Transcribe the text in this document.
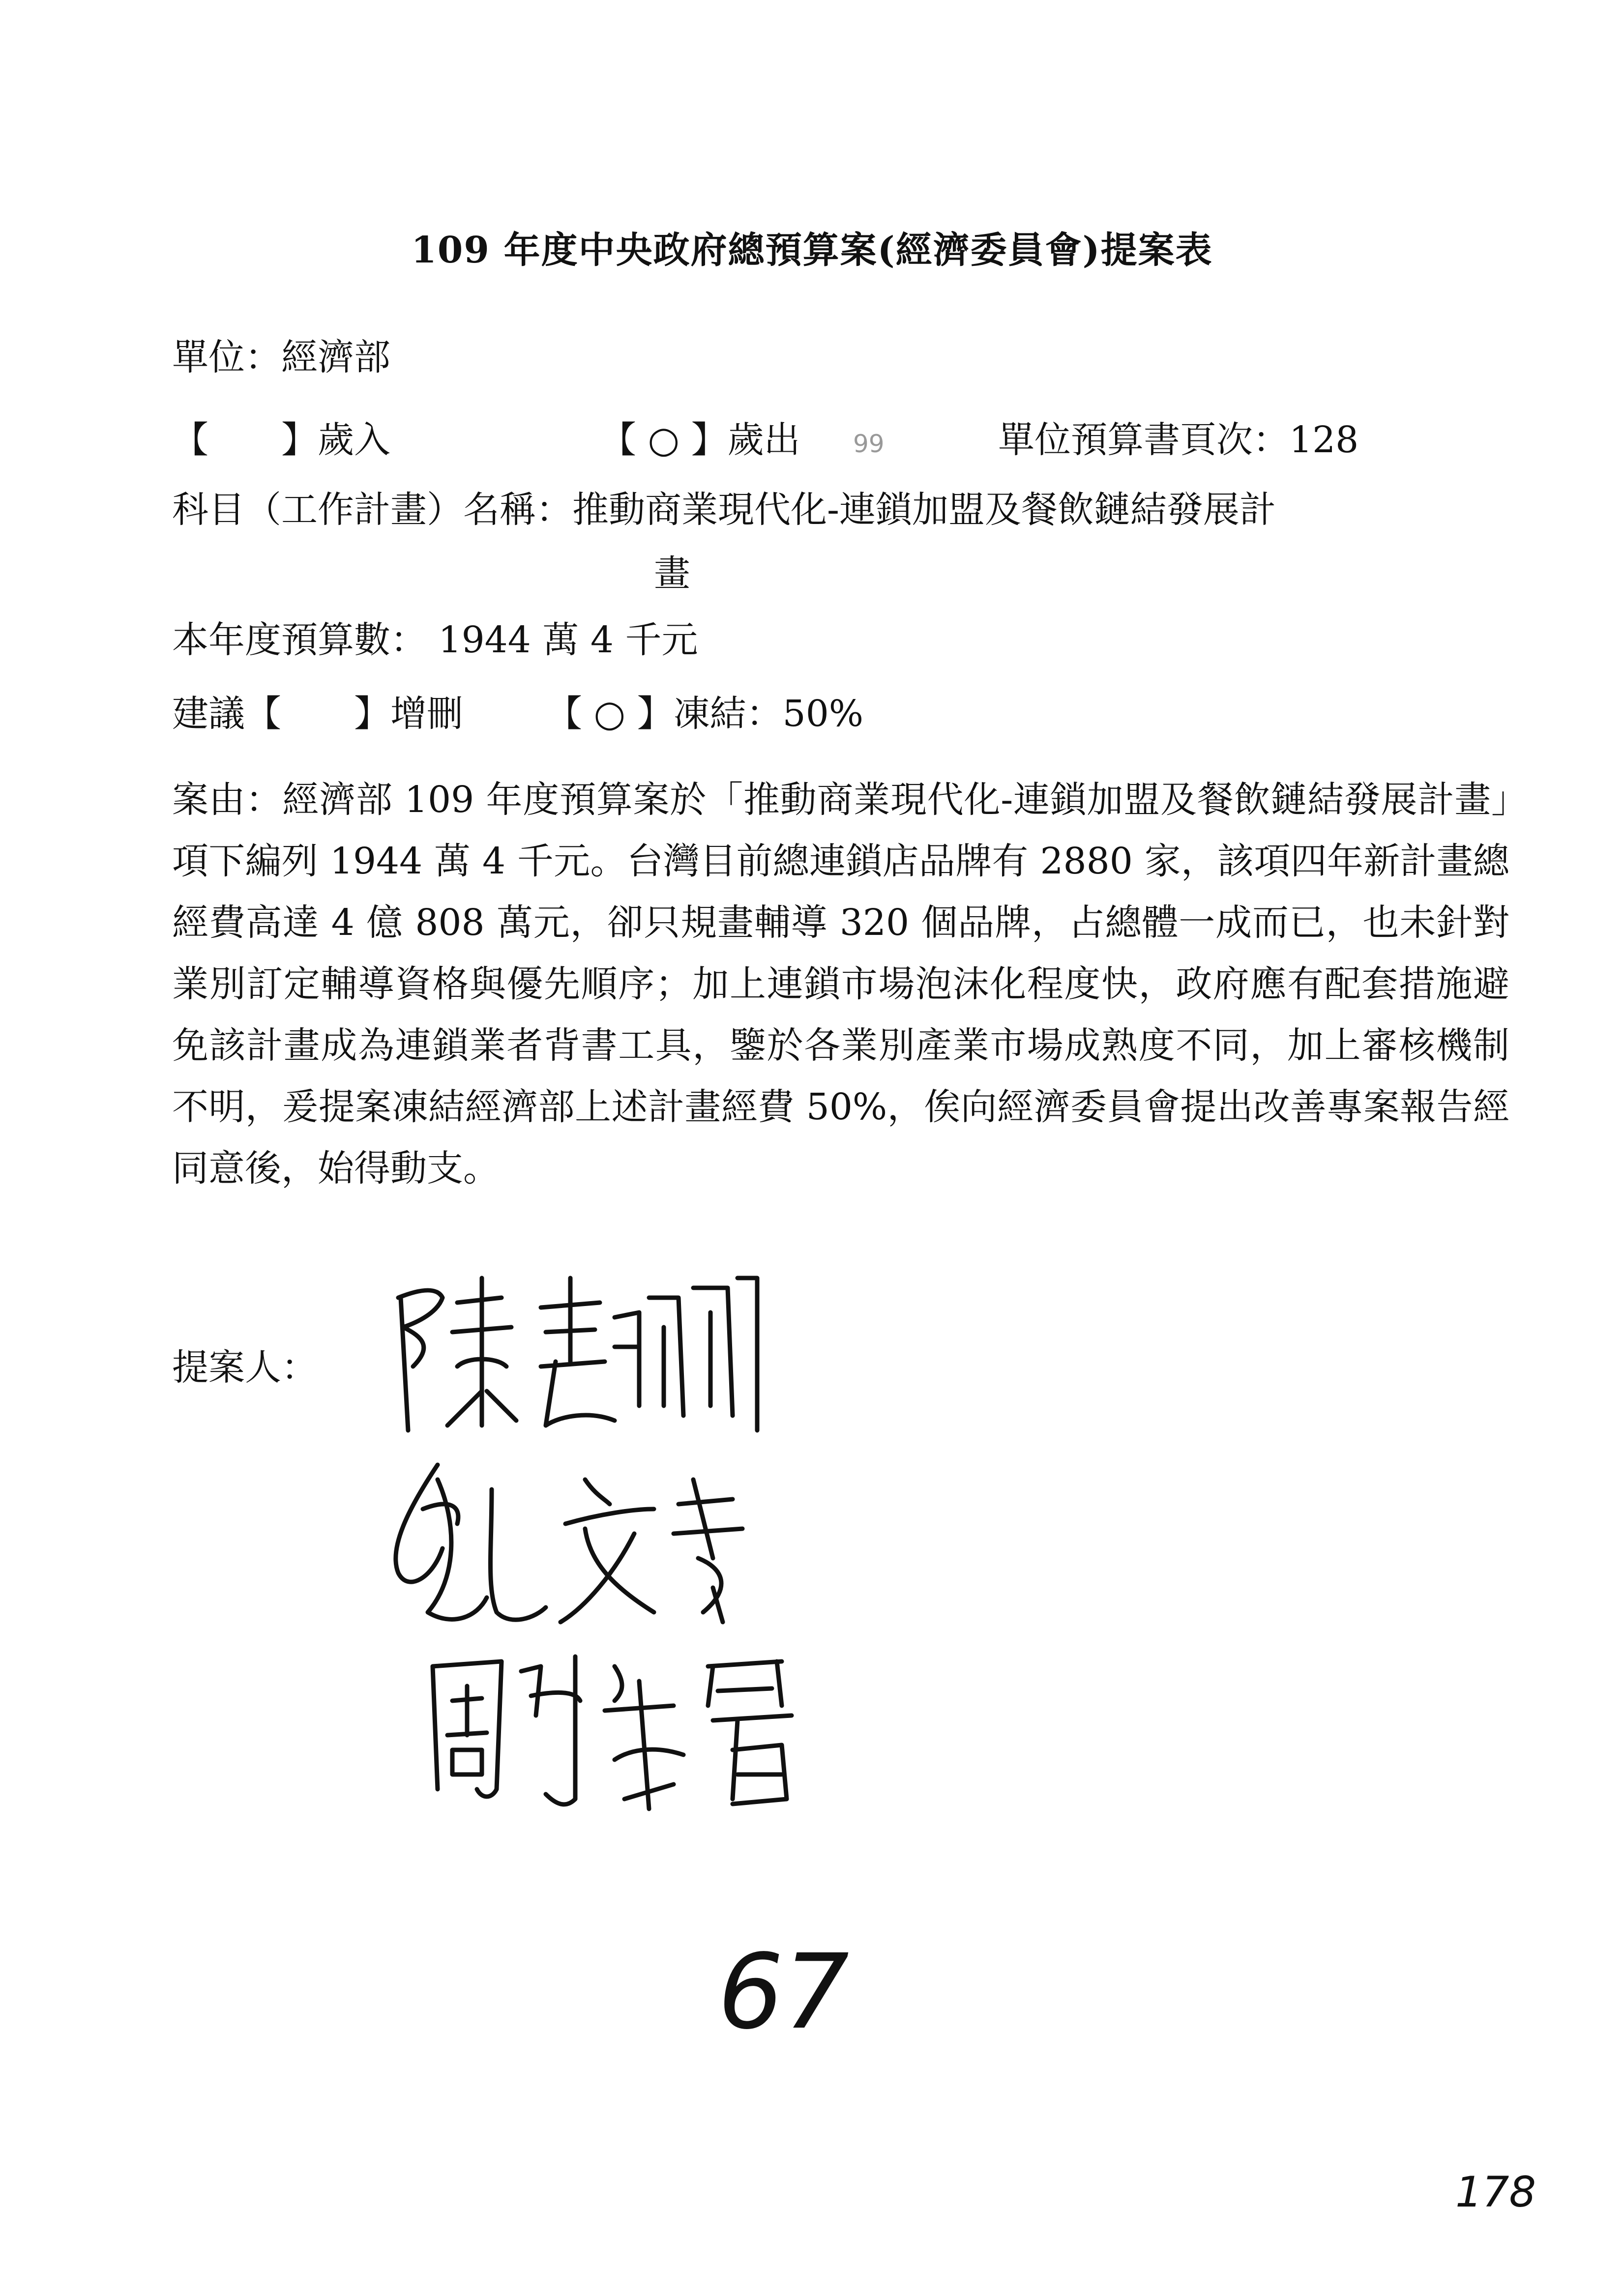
109 年度中央政府總預算案(經濟委員會)提案表
單位：經濟部
【　　】歲入	【 ○ 】歲出 99	單位預算書頁次：128
科目（工作計畫）名稱：推動商業現代化-連鎖加盟及餐飲鏈結發展計
畫
本年度預算數： 1944 萬 4 千元
建議【　　】增刪 【 ○ 】凍結：50%
案由：經濟部 109 年度預算案於「推動商業現代化-連鎖加盟及餐飲鏈結發展計畫」項下編列 1944 萬 4 千元。台灣目前總連鎖店品牌有 2880 家，該項四年新計畫總經費高達 4 億 808 萬元，卻只規畫輔導 320 個品牌，占總體一成而已，也未針對業別訂定輔導資格與優先順序；加上連鎖市場泡沫化程度快，政府應有配套措施避免該計畫成為連鎖業者背書工具，鑒於各業別產業市場成熟度不同，加上審核機制不明，爰提案凍結經濟部上述計畫經費 50%，俟向經濟委員會提出改善專案報告經同意後，始得動支。
提案人：
67
178
